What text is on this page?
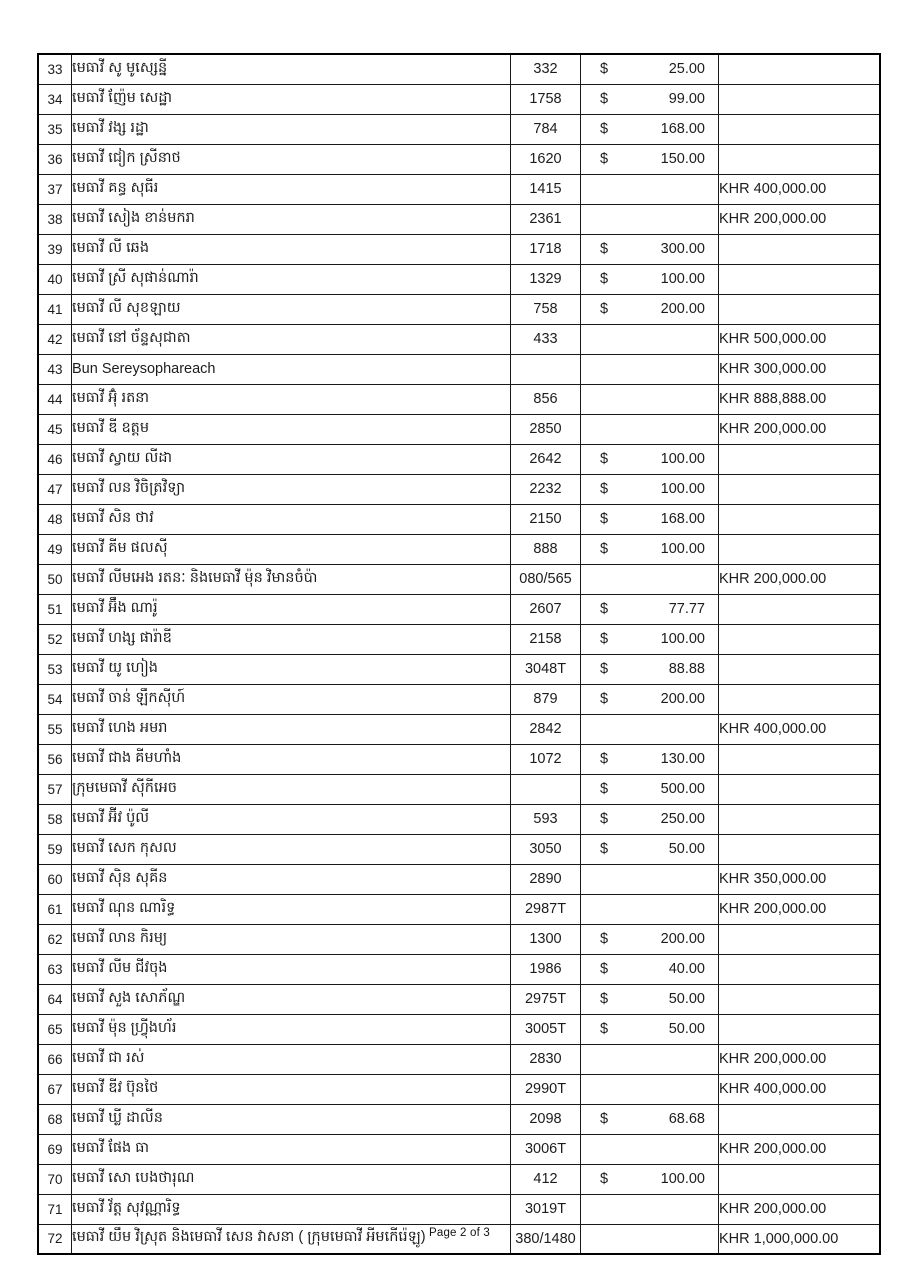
33	មេធាវី សូ មូស្សេន្នី	332	$ 25.00	

34	មេធាវី ញ៉ែម សេដ្ឋា	1758	$ 99.00	

35	មេធាវី វង្ស រដ្ឋា	784	$ 168.00	

36	មេធាវី ជៀក ស្រីនាថ	1620	$ 150.00	

37	មេធាវី គន្ធ សុធីរ	1415		KHR 400,000.00
38	មេធាវី សៀង ខាន់មករា	2361		KHR 200,000.00
39	មេធាវី លី ឆេង	1718	$ 300.00	

40	មេធាវី ស្រី សុផាន់ណារ៉ា	1329	$ 100.00	

41	មេធាវី លី សុខឡាយ	758	$ 200.00	

42	មេធាវី នៅ ច័ន្ទសុជាតា	433		KHR 500,000.00
43	Bun Sereysophareach			KHR 300,000.00
44	មេធាវី អ៊ុំ រតនា	856		KHR 888,888.00
45	មេធាវី ឌី ឧត្តម	2850		KHR 200,000.00
46	មេធាវី ស្វាយ លីដា	2642	$ 100.00	

47	មេធាវី លន វិចិត្រវិទ្យា	2232	$ 100.00	

48	មេធាវី សិន ថាវ	2150	$ 168.00	

49	មេធាវី គីម ផលស៊ី	888	$ 100.00	

50	មេធាវី លីមអេង រតនៈ និងមេធាវី ម៉ុន វិមានចំប៉ា	080/565		KHR 200,000.00
51	មេធាវី អ៊ឹង ណារ៉ូ	2607	$ 77.77	

52	មេធាវី ហង្ស ផារ៉ាឌី	2158	$ 100.00	

53	មេធាវី យូ ហៀង	3048T	$ 88.88	

54	មេធាវី ចាន់ ឡឹកស៊ីហ៍	879	$ 200.00	

55	មេធាវី ហេង អមរា	2842		KHR 400,000.00
56	មេធាវី ជាង គីមហាំង	1072	$ 130.00	

57	ក្រុមមេធាវី ស៊ីកីអេច		$ 500.00	

58	មេធាវី អ៊ីវ ប៉ូលី	593	$ 250.00	

59	មេធាវី សេក កុសល	3050	$ 50.00	

60	មេធាវី ស៊ិន សុគីន	2890		KHR 350,000.00
61	មេធាវី ណុន ណារិទ្ធ	2987T		KHR 200,000.00
62	មេធាវី លាន កិរម្យ	1300	$ 200.00	

63	មេធាវី លីម ជីវចុង	1986	$ 40.00	

64	មេធាវី សួង សោភ័ណ្ឌ	2975T	$ 50.00	

65	មេធាវី ម៉ុន ហ្វ្រុីងហ័រ	3005T	$ 50.00	

66	មេធាវី ជា រស់	2830		KHR 200,000.00
67	មេធាវី ឌីវ ប៊ុនថៃ	2990T		KHR 400,000.00
68	មេធាវី ឃ្លី ដាលីន	2098	$ 68.68	

69	មេធាវី ផែង ធា	3006T		KHR 200,000.00
70	មេធាវី សោ បេងថារុណ	412	$ 100.00	

71	មេធាវី វ័ត្ត សុវណ្ណារិទ្ធ	3019T		KHR 200,000.00
72	មេធាវី យឹម វិស្រុត និងមេធាវី សេន វាសនា ( ក្រុមមេធាវី អីមកើរ៉េឡូ)	380/1480		KHR 1,000,000.00
Page 2 of 3
